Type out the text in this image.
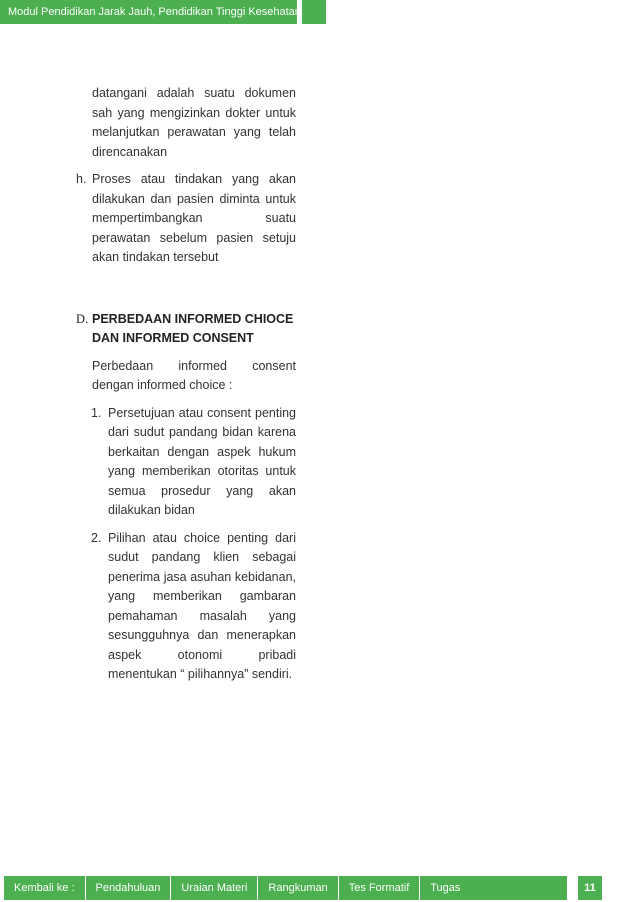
Modul Pendidikan Jarak Jauh, Pendidikan Tinggi Kesehatan

datangani adalah suatu dokumen sah yang mengizinkan dokter untuk melanjutkan perawatan yang telah direncanakan

h. Proses atau tindakan yang akan dilakukan dan pasien diminta untuk mempertimbangkan suatu perawatan sebelum pasien setuju akan tindakan tersebut

D. PERBEDAAN INFORMED CHIOCE DAN INFORMED CONSENT

Perbedaan informed consent dengan informed choice :

1. Persetujuan atau consent penting dari sudut pandang bidan karena berkaitan dengan aspek hukum yang memberikan otoritas untuk semua prosedur yang akan dilakukan bidan

2. Pilihan atau choice penting dari sudut pandang klien sebagai penerima jasa asuhan kebidanan, yang memberikan gambaran pemahaman masalah yang sesungguhnya dan menerapkan aspek otonomi pribadi menentukan “ pilihannya” sendiri.

Kembali ke :	Pendahuluan	Uraian Materi	Rangkuman	Tes Formatif	Tugas	11
